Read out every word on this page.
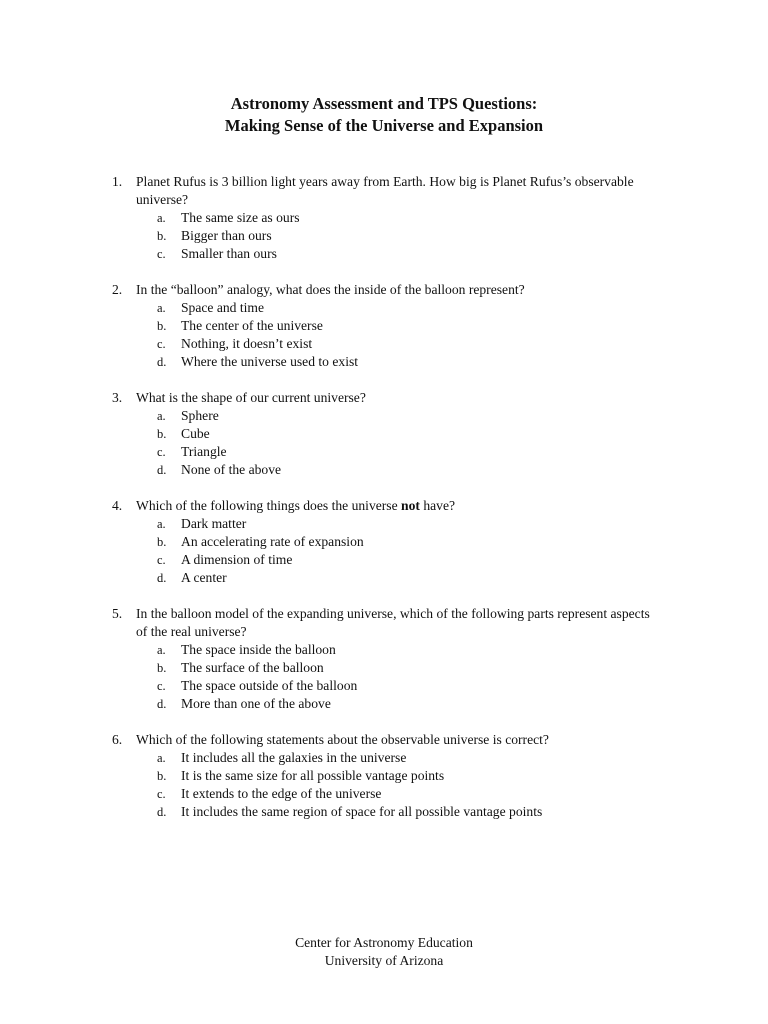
Astronomy Assessment and TPS Questions:
Making Sense of the Universe and Expansion
1. Planet Rufus is 3 billion light years away from Earth. How big is Planet Rufus’s observable universe?
a. The same size as ours
b. Bigger than ours
c. Smaller than ours
2. In the “balloon” analogy, what does the inside of the balloon represent?
a. Space and time
b. The center of the universe
c. Nothing, it doesn’t exist
d. Where the universe used to exist
3. What is the shape of our current universe?
a. Sphere
b. Cube
c. Triangle
d. None of the above
4. Which of the following things does the universe not have?
a. Dark matter
b. An accelerating rate of expansion
c. A dimension of time
d. A center
5. In the balloon model of the expanding universe, which of the following parts represent aspects of the real universe?
a. The space inside the balloon
b. The surface of the balloon
c. The space outside of the balloon
d. More than one of the above
6. Which of the following statements about the observable universe is correct?
a. It includes all the galaxies in the universe
b. It is the same size for all possible vantage points
c. It extends to the edge of the universe
d. It includes the same region of space for all possible vantage points
Center for Astronomy Education
University of Arizona
